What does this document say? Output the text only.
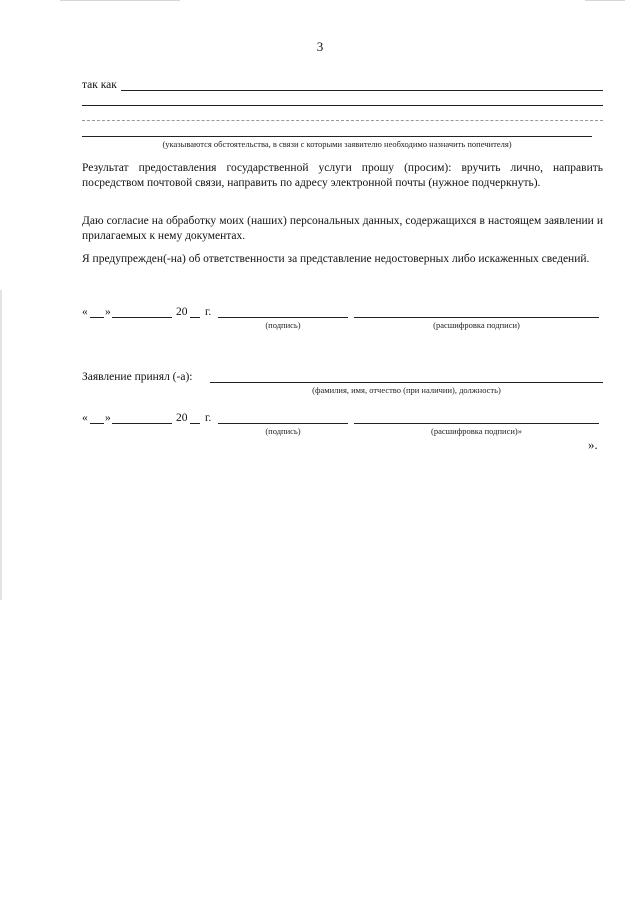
3
так как
(указываются обстоятельства, в связи с которыми заявителю необходимо назначить попечителя)
Результат предоставления государственной услуги прошу (просим): вручить лично, направить посредством почтовой связи, направить по адресу электронной почты (нужное подчеркнуть).
Даю согласие на обработку моих (наших) персональных данных, содержащихся в настоящем заявлении и прилагаемых к нему документах.
Я предупрежден(-на) об ответственности за представление недостоверных либо искаженных сведений.
« »	20 г.
(подпись)	(расшифровка подписи)
Заявление принял (-а):
(фамилия, имя, отчество (при наличии), должность)
« »	20 г.
(подпись)	(расшифровка подписи)»
».
